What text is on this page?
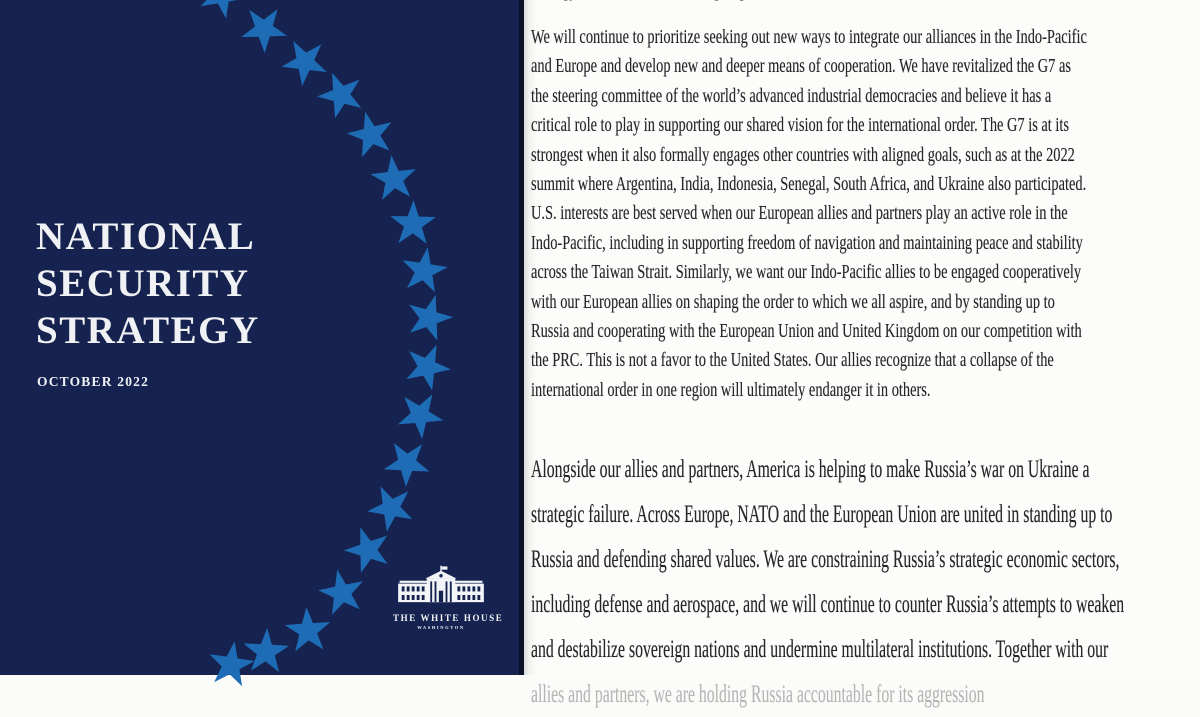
NATIONAL
SECURITY
STRATEGY
OCTOBER 2022
THE WHITE HOUSE
WASHINGTON
We will continue to prioritize seeking out new ways to integrate our alliances in the Indo-Pacific
and Europe and develop new and deeper means of cooperation. We have revitalized the G7 as
the steering committee of the world’s advanced industrial democracies and believe it has a
critical role to play in supporting our shared vision for the international order. The G7 is at its
strongest when it also formally engages other countries with aligned goals, such as at the 2022
summit where Argentina, India, Indonesia, Senegal, South Africa, and Ukraine also participated.
U.S. interests are best served when our European allies and partners play an active role in the
Indo-Pacific, including in supporting freedom of navigation and maintaining peace and stability
across the Taiwan Strait. Similarly, we want our Indo-Pacific allies to be engaged cooperatively
with our European allies on shaping the order to which we all aspire, and by standing up to
Russia and cooperating with the European Union and United Kingdom on our competition with
the PRC. This is not a favor to the United States. Our allies recognize that a collapse of the
international order in one region will ultimately endanger it in others.
Alongside our allies and partners, America is helping to make Russia’s war on Ukraine a
strategic failure. Across Europe, NATO and the European Union are united in standing up to
Russia and defending shared values. We are constraining Russia’s strategic economic sectors,
including defense and aerospace, and we will continue to counter Russia’s attempts to weaken
and destabilize sovereign nations and undermine multilateral institutions. Together with our
allies and partners, we are holding Russia accountable for its aggression
